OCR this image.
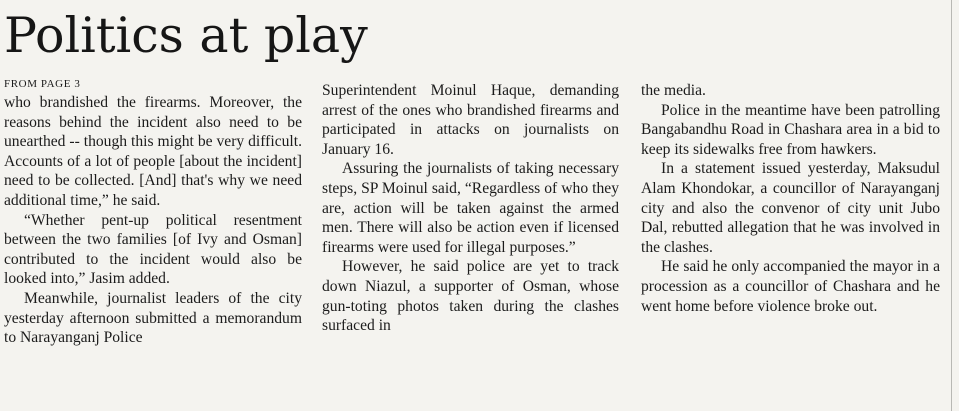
Politics at play

FROM PAGE 3

who brandished the firearms. Moreover, the reasons behind the incident also need to be unearthed -- though this might be very difficult. Accounts of a lot of people [about the incident] need to be collected. [And] that's why we need additional time,” he said.

“Whether pent-up political resentment between the two families [of Ivy and Osman] contributed to the incident would also be looked into,” Jasim added.

Meanwhile, journalist leaders of the city yesterday afternoon submitted a memorandum to Narayanganj Police

Superintendent Moinul Haque, demanding arrest of the ones who brandished firearms and participated in attacks on journalists on January 16.

Assuring the journalists of taking necessary steps, SP Moinul said, “Regardless of who they are, action will be taken against the armed men. There will also be action even if licensed firearms were used for illegal purposes.”

However, he said police are yet to track down Niazul, a supporter of Osman, whose gun-toting photos taken during the clashes surfaced in

the media.

Police in the meantime have been patrolling Bangabandhu Road in Chashara area in a bid to keep its sidewalks free from hawkers.

In a statement issued yesterday, Maksudul Alam Khondokar, a councillor of Narayanganj city and also the convenor of city unit Jubo Dal, rebutted allegation that he was involved in the clashes.

He said he only accompanied the mayor in a procession as a councillor of Chashara and he went home before violence broke out.
